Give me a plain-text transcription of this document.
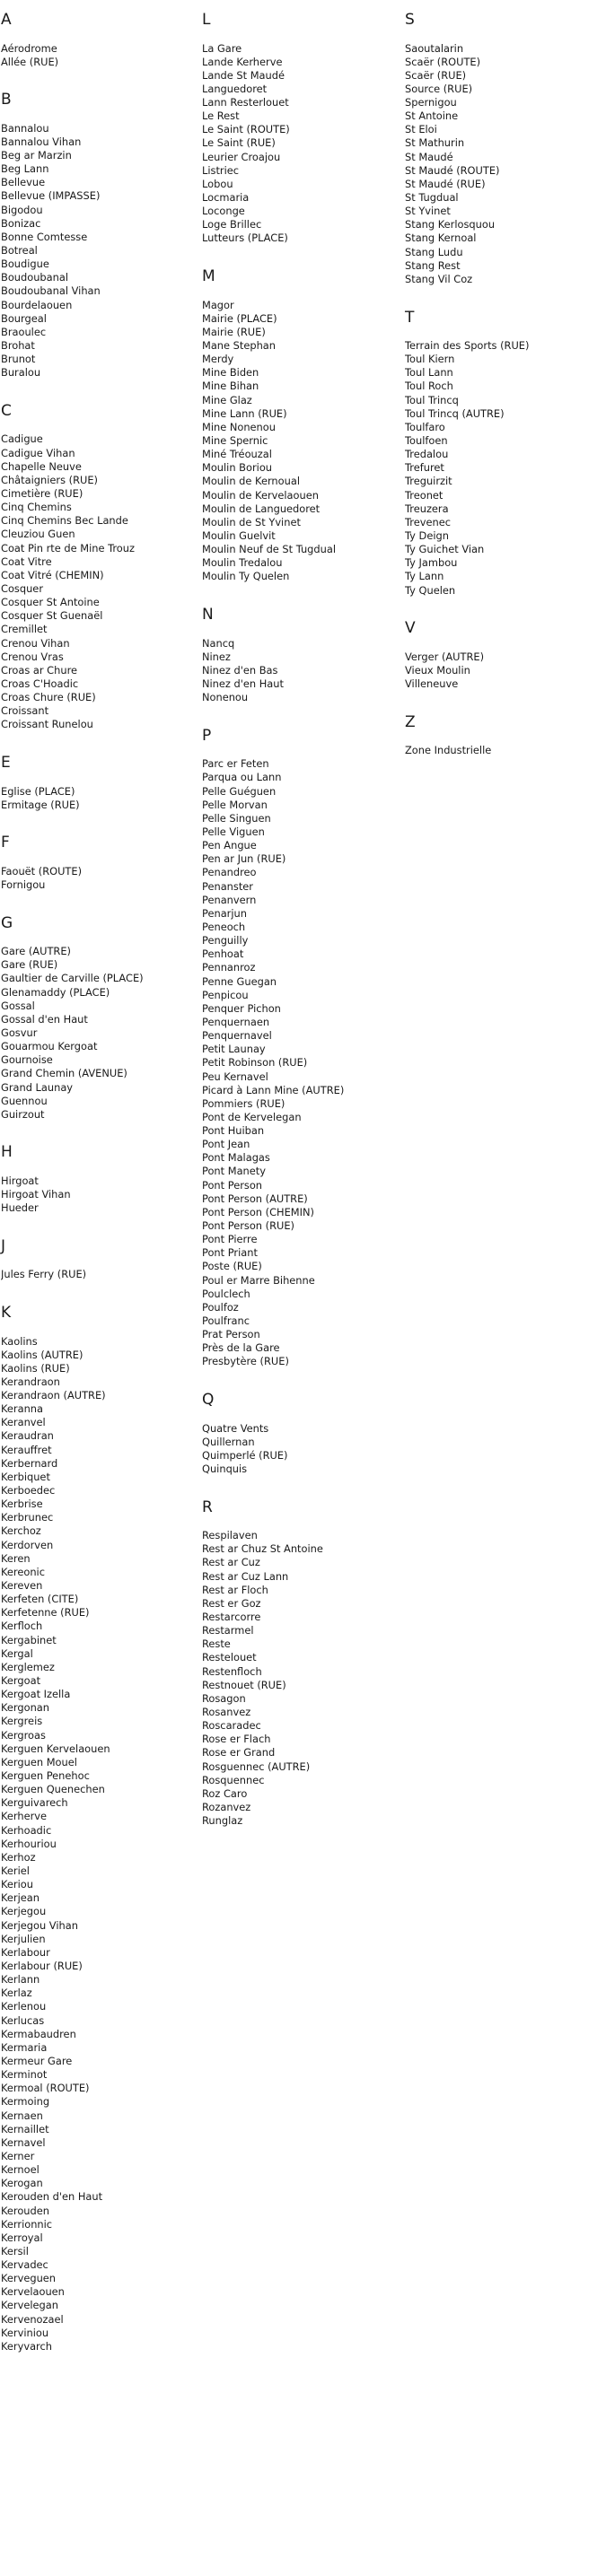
A
Aérodrome
Allée (RUE)
B
Bannalou
Bannalou Vihan
Beg ar Marzin
Beg Lann
Bellevue
Bellevue (IMPASSE)
Bigodou
Bonizac
Bonne Comtesse
Botreal
Boudigue
Boudoubanal
Boudoubanal Vihan
Bourdelaouen
Bourgeal
Braoulec
Brohat
Brunot
Buralou
C
Cadigue
Cadigue Vihan
Chapelle Neuve
Châtaigniers (RUE)
Cimetière (RUE)
Cinq Chemins
Cinq Chemins Bec Lande
Cleuziou Guen
Coat Pin rte de Mine Trouz
Coat Vitre
Coat Vitré (CHEMIN)
Cosquer
Cosquer St Antoine
Cosquer St Guenaël
Cremillet
Crenou Vihan
Crenou Vras
Croas ar Chure
Croas C'Hoadic
Croas Chure (RUE)
Croissant
Croissant Runelou
E
Eglise (PLACE)
Ermitage (RUE)
F
Faouët (ROUTE)
Fornigou
G
Gare (AUTRE)
Gare (RUE)
Gaultier de Carville (PLACE)
Glenamaddy (PLACE)
Gossal
Gossal d'en Haut
Gosvur
Gouarmou Kergoat
Gournoise
Grand Chemin (AVENUE)
Grand Launay
Guennou
Guirzout
H
Hirgoat
Hirgoat Vihan
Hueder
J
Jules Ferry (RUE)
K
Kaolins
Kaolins (AUTRE)
Kaolins (RUE)
Kerandraon
Kerandraon (AUTRE)
Keranna
Keranvel
Keraudran
Kerauffret
Kerbernard
Kerbiquet
Kerboedec
Kerbrise
Kerbrunec
Kerchoz
Kerdorven
Keren
Kereonic
Kereven
Kerfeten (CITE)
Kerfetenne (RUE)
Kerfloch
Kergabinet
Kergal
Kerglemez
Kergoat
Kergoat Izella
Kergonan
Kergreis
Kergroas
Kerguen Kervelaouen
Kerguen Mouel
Kerguen Penehoc
Kerguen Quenechen
Kerguivarech
Kerherve
Kerhoadic
Kerhouriou
Kerhoz
Keriel
Keriou
Kerjean
Kerjegou
Kerjegou Vihan
Kerjulien
Kerlabour
Kerlabour (RUE)
Kerlann
Kerlaz
Kerlenou
Kerlucas
Kermabaudren
Kermaria
Kermeur Gare
Kerminot
Kermoal (ROUTE)
Kermoing
Kernaen
Kernaillet
Kernavel
Kerner
Kernoel
Kerogan
Kerouden d'en Haut
Kerouden
Kerrionnic
Kerroyal
Kersil
Kervadec
Kerveguen
Kervelaouen
Kervelegan
Kervenozael
Kerviniou
Keryvarch
L
La Gare
Lande Kerherve
Lande St Maudé
Languedoret
Lann Resterlouet
Le Rest
Le Saint (ROUTE)
Le Saint (RUE)
Leurier Croajou
Listriec
Lobou
Locmaria
Loconge
Loge Brillec
Lutteurs (PLACE)
M
Magor
Mairie (PLACE)
Mairie (RUE)
Mane Stephan
Merdy
Mine Biden
Mine Bihan
Mine Glaz
Mine Lann (RUE)
Mine Nonenou
Mine Spernic
Miné Tréouzal
Moulin Boriou
Moulin de Kernoual
Moulin de Kervelaouen
Moulin de Languedoret
Moulin de St Yvinet
Moulin Guelvit
Moulin Neuf de St Tugdual
Moulin Tredalou
Moulin Ty Quelen
N
Nancq
Ninez
Ninez d'en Bas
Ninez d'en Haut
Nonenou
P
Parc er Feten
Parqua ou Lann
Pelle Guéguen
Pelle Morvan
Pelle Singuen
Pelle Viguen
Pen Angue
Pen ar Jun (RUE)
Penandreo
Penanster
Penanvern
Penarjun
Peneoch
Penguilly
Penhoat
Pennanroz
Penne Guegan
Penpicou
Penquer Pichon
Penquernaen
Penquernavel
Petit Launay
Petit Robinson (RUE)
Peu Kernavel
Picard à Lann Mine (AUTRE)
Pommiers (RUE)
Pont de Kervelegan
Pont Huiban
Pont Jean
Pont Malagas
Pont Manety
Pont Person
Pont Person (AUTRE)
Pont Person (CHEMIN)
Pont Person (RUE)
Pont Pierre
Pont Priant
Poste (RUE)
Poul er Marre Bihenne
Poulclech
Poulfoz
Poulfranc
Prat Person
Près de la Gare
Presbytère (RUE)
Q
Quatre Vents
Quillernan
Quimperlé (RUE)
Quinquis
R
Respilaven
Rest ar Chuz St Antoine
Rest ar Cuz
Rest ar Cuz Lann
Rest ar Floch
Rest er Goz
Restarcorre
Restarmel
Reste
Restelouet
Restenfloch
Restnouet (RUE)
Rosagon
Rosanvez
Roscaradec
Rose er Flach
Rose er Grand
Rosguennec (AUTRE)
Rosquennec
Roz Caro
Rozanvez
Runglaz
S
Saoutalarin
Scaër (ROUTE)
Scaër (RUE)
Source (RUE)
Spernigou
St Antoine
St Eloi
St Mathurin
St Maudé
St Maudé (ROUTE)
St Maudé (RUE)
St Tugdual
St Yvinet
Stang Kerlosquou
Stang Kernoal
Stang Ludu
Stang Rest
Stang Vil Coz
T
Terrain des Sports (RUE)
Toul Kiern
Toul Lann
Toul Roch
Toul Trincq
Toul Trincq (AUTRE)
Toulfaro
Toulfoen
Tredalou
Trefuret
Treguirzit
Treonet
Treuzera
Trevenec
Ty Deign
Ty Guichet Vian
Ty Jambou
Ty Lann
Ty Quelen
V
Verger (AUTRE)
Vieux Moulin
Villeneuve
Z
Zone Industrielle
